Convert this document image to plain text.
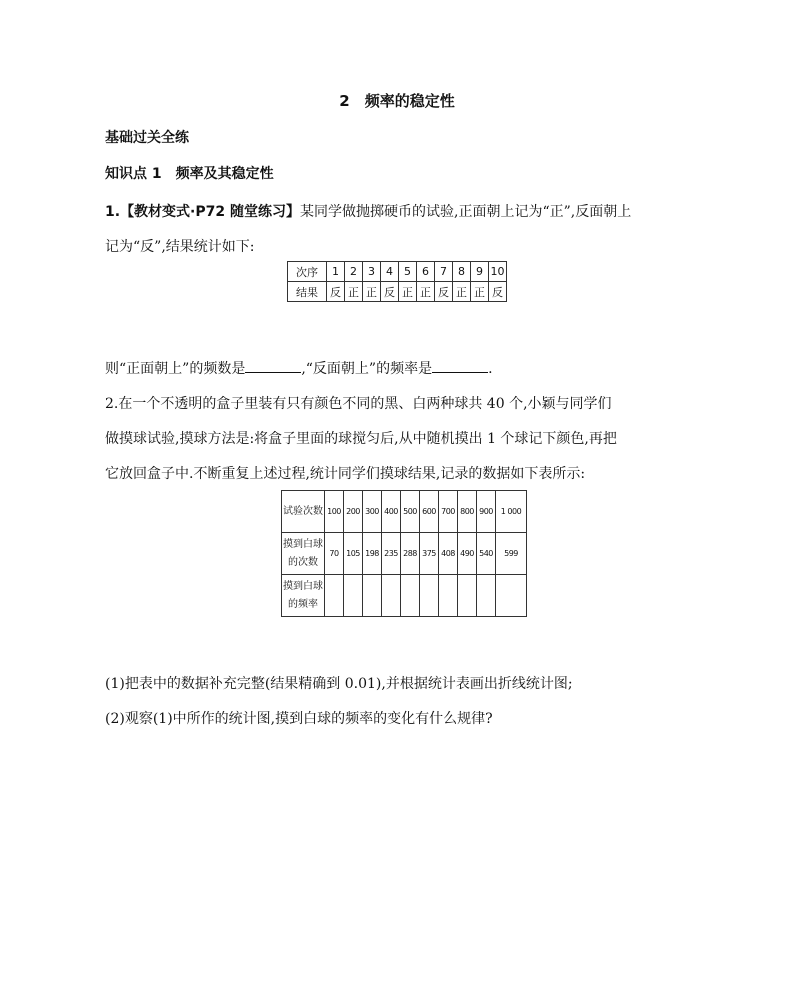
2　频率的稳定性
基础过关全练
知识点 1　频率及其稳定性
1.【教材变式·P72 随堂练习】某同学做抛掷硬币的试验,正面朝上记为“正”,反面朝上
记为“反”,结果统计如下:
次序	1	2	3	4	5	6	7	8	9	10
结果	反	正	正	反	正	正	反	正	正	反
则“正面朝上”的频数是	,“反面朝上”的频率是	.
2.在一个不透明的盒子里装有只有颜色不同的黑、白两种球共 40 个,小颖与同学们
做摸球试验,摸球方法是:将盒子里面的球搅匀后,从中随机摸出 1 个球记下颜色,再把
它放回盒子中.不断重复上述过程,统计同学们摸球结果,记录的数据如下表所示:
试验次数	100	200	300	400	500	600	700	800	900	1 000
摸到白球的次数	70	105	198	235	288	375	408	490	540	599
摸到白球的频率										
(1)把表中的数据补充完整(结果精确到 0.01),并根据统计表画出折线统计图;
(2)观察(1)中所作的统计图,摸到白球的频率的变化有什么规律?
